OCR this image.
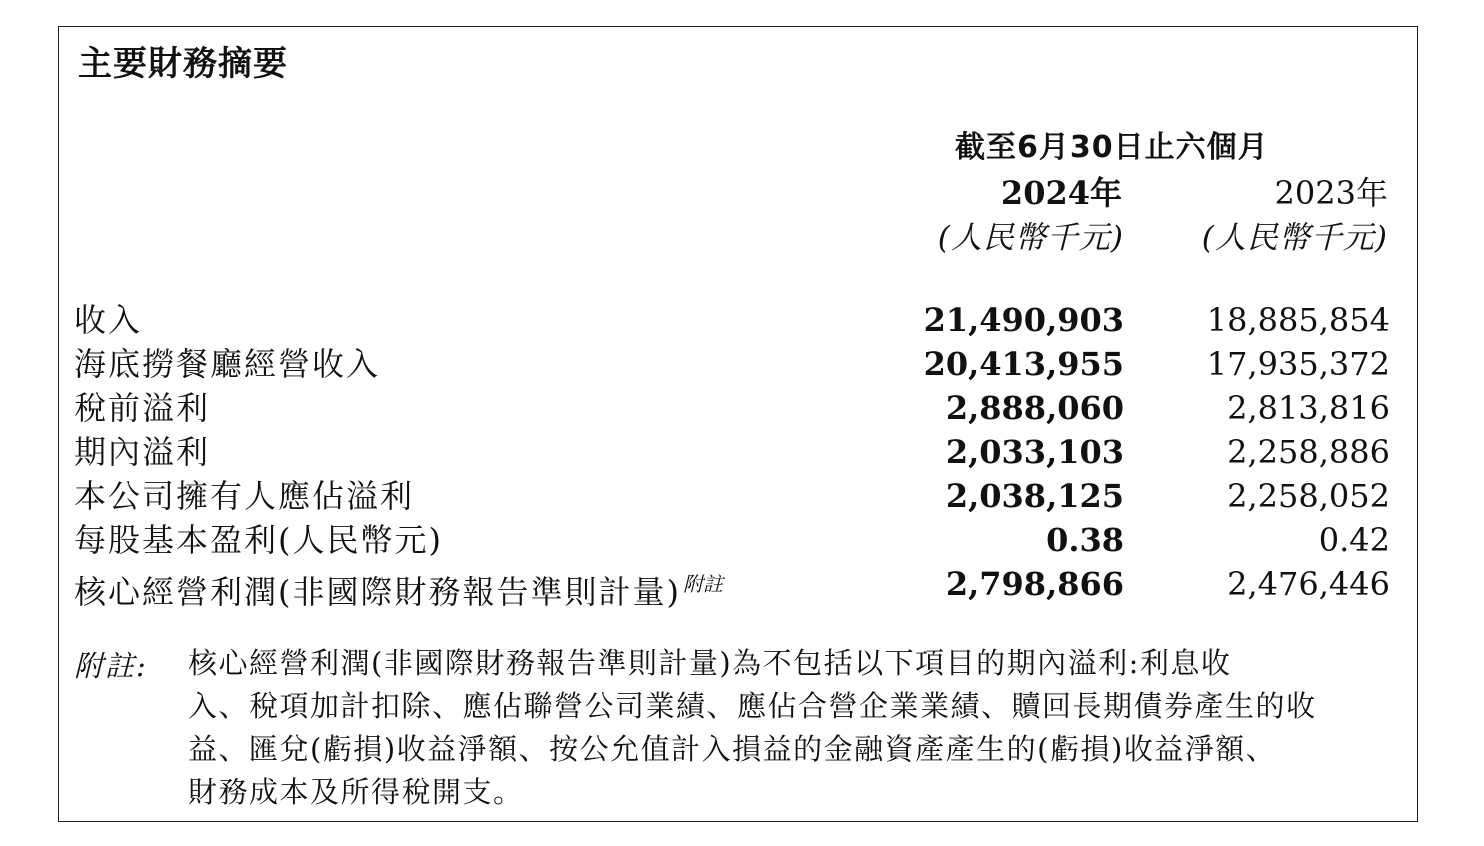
主要財務摘要
截至6月30日止六個月
2024年	2023年
(人民幣千元)	(人民幣千元)
收入	21,490,903	18,885,854
海底撈餐廳經營收入	20,413,955	17,935,372
稅前溢利	2,888,060	2,813,816
期內溢利	2,033,103	2,258,886
本公司擁有人應佔溢利	2,038,125	2,258,052
每股基本盈利(人民幣元)	0.38	0.42
核心經營利潤(非國際財務報告準則計量) $^{附註}$	2,798,866	2,476,446
附註: 核心經營利潤(非國際財務報告準則計量)為不包括以下項目的期內溢利:利息收
入、稅項加計扣除、應佔聯營公司業績、應佔合營企業業績、贖回長期債券產生的收
益、匯兌(虧損)收益淨額、按公允值計入損益的金融資產產生的(虧損)收益淨額、
財務成本及所得稅開支。
